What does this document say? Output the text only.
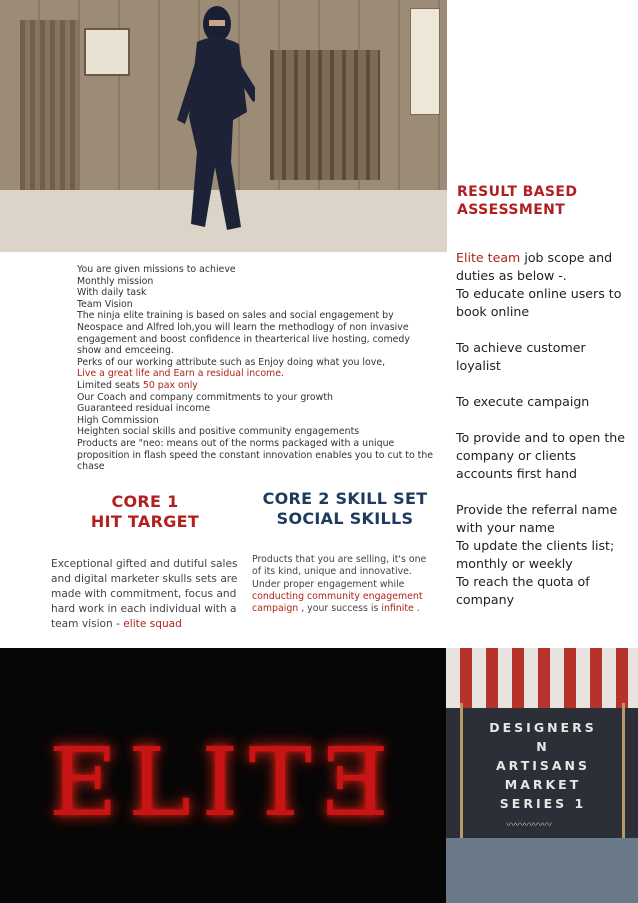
You are given missions to achieve
Monthly mission
With daily task
Team Vision
The ninja elite training is based on sales and social engagement by Neospace and Alfred loh,you will learn the methodlogy of non invasive engagement and boost confidence in thearterical live hosting, comedy show and emceeing.
Perks of our working attribute such as Enjoy doing what you love,
Live a great life and Earn a residual income.
Limited seats 50 pax only
Our Coach and company commitments to your growth
Guaranteed residual income
High Commission
Heighten social skills and positive community engagements
Products are "neo: means out of the norms packaged with a unique proposition in flash speed the constant innovation enables you to cut to the chase
CORE 1
HIT TARGET
Exceptional gifted and dutiful sales and digital marketer skulls sets are made with commitment, focus and hard work in each individual with a team vision - elite squad
CORE 2 SKILL SET
SOCIAL SKILLS
Products that you are selling, it's one of its kind, unique and innovative. Under proper engagement while conducting community engagement campaign , your success is infinite .
RESULT BASED
ASSESSMENT
Elite team job scope and duties as below -.
To educate online users to book online
To achieve customer loyalist
To execute campaign
To provide and to open the company or clients accounts first hand
Provide the referral name with your name
To update the clients list; monthly or weekly
To reach the quota of company
ELITƎ
DESIGNERS
N
ARTISANS
MARKET
SERIES 1
〰〰〰〰〰
